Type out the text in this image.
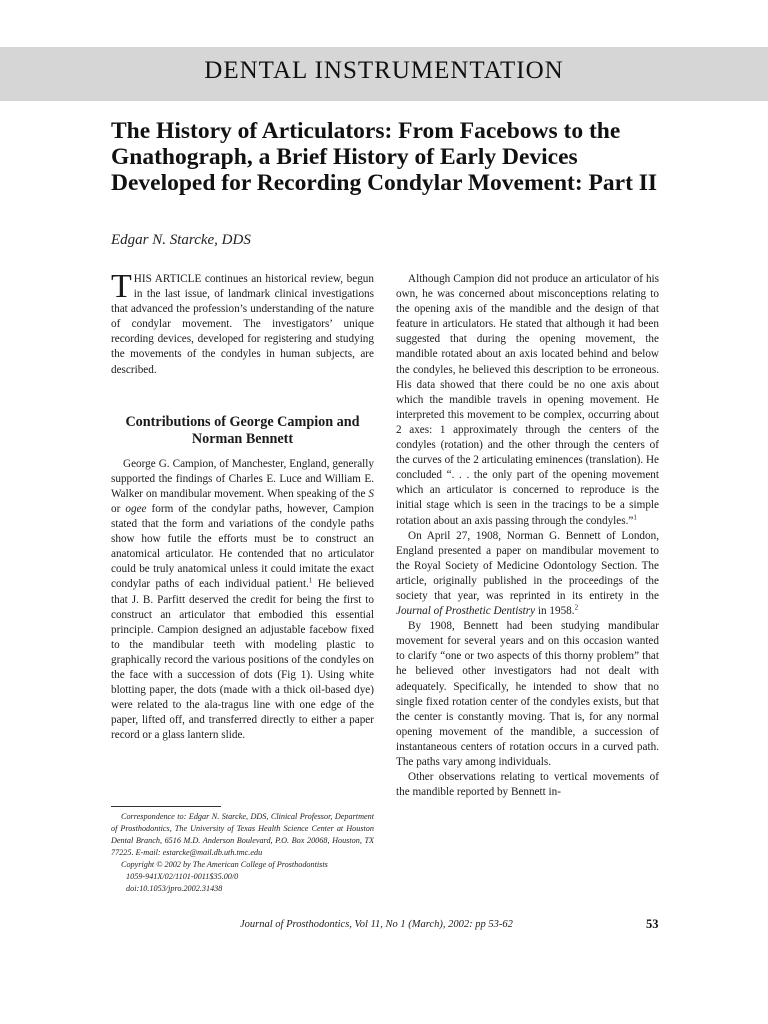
DENTAL INSTRUMENTATION
The History of Articulators: From Facebows to the Gnathograph, a Brief History of Early Devices Developed for Recording Condylar Movement: Part II
Edgar N. Starcke, DDS

THIS ARTICLE continues an historical review, begun in the last issue, of landmark clinical investigations that advanced the profession’s understanding of the nature of condylar movement. The investigators’ unique recording devices, developed for registering and studying the movements of the condyles in human subjects, are described.

Contributions of George Campion and Norman Bennett

George G. Campion, of Manchester, England, generally supported the findings of Charles E. Luce and William E. Walker on mandibular movement. When speaking of the S or ogee form of the condylar paths, however, Campion stated that the form and variations of the condyle paths show how futile the efforts must be to construct an anatomical articulator. He contended that no articulator could be truly anatomical unless it could imitate the exact condylar paths of each individual patient.$^1$ He believed that J. B. Parfitt deserved the credit for being the first to construct an articulator that embodied this essential principle. Campion designed an adjustable facebow fixed to the mandibular teeth with modeling plastic to graphically record the various positions of the condyles on the face with a succession of dots (Fig 1). Using white blotting paper, the dots (made with a thick oil-based dye) were related to the ala-tragus line with one edge of the paper, lifted off, and transferred directly to either a paper record or a glass lantern slide.

Correspondence to: Edgar N. Starcke, DDS, Clinical Professor, Department of Prosthodontics, The University of Texas Health Science Center at Houston Dental Branch, 6516 M.D. Anderson Boulevard, P.O. Box 20068, Houston, TX 77225. E-mail: estarcke@mail.db.uth.tmc.edu

Copyright © 2002 by The American College of Prosthodontists

1059-941X/02/1101-0011$35.00/0

doi:10.1053/jpro.2002.31438

Although Campion did not produce an articulator of his own, he was concerned about misconceptions relating to the opening axis of the mandible and the design of that feature in articulators. He stated that although it had been suggested that during the opening movement, the mandible rotated about an axis located behind and below the condyles, he believed this description to be erroneous. His data showed that there could be no one axis about which the mandible travels in opening movement. He interpreted this movement to be complex, occurring about 2 axes: 1 approximately through the centers of the condyles (rotation) and the other through the centers of the curves of the 2 articulating eminences (translation). He concluded “. . . the only part of the opening movement which an articulator is concerned to reproduce is the initial stage which is seen in the tracings to be a simple rotation about an axis passing through the condyles.”$^1$

On April 27, 1908, Norman G. Bennett of London, England presented a paper on mandibular movement to the Royal Society of Medicine Odontology Section. The article, originally published in the proceedings of the society that year, was reprinted in its entirety in the Journal of Prosthetic Dentistry in 1958.$^2$

By 1908, Bennett had been studying mandibular movement for several years and on this occasion wanted to clarify “one or two aspects of this thorny problem” that he believed other investigators had not dealt with adequately. Specifically, he intended to show that no single fixed rotation center of the condyles exists, but that the center is constantly moving. That is, for any normal opening movement of the mandible, a succession of instantaneous centers of rotation occurs in a curved path. The paths vary among individuals.

Other observations relating to vertical movements of the mandible reported by Bennett in-

Journal of Prosthodontics, Vol 11, No 1 (March), 2002: pp 53-62	53
